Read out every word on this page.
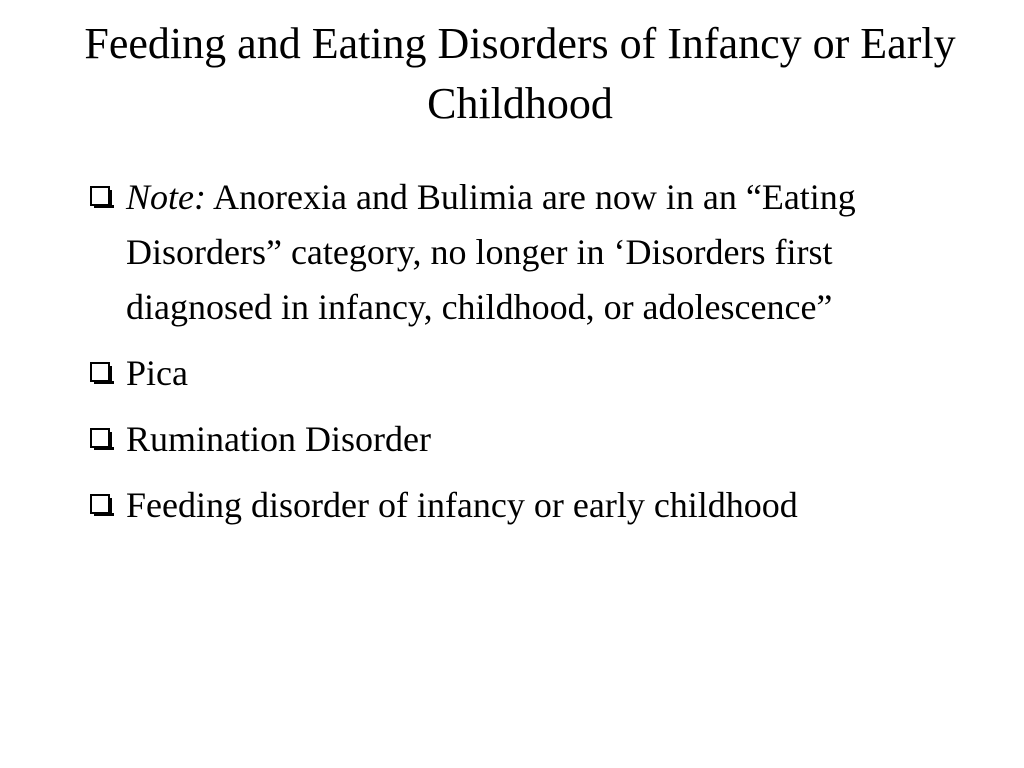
Feeding and Eating Disorders of Infancy or Early Childhood
Note: Anorexia and Bulimia are now in an “Eating Disorders” category, no longer in ‘Disorders first diagnosed in infancy, childhood, or adolescence”
Pica
Rumination Disorder
Feeding disorder of infancy or early childhood
